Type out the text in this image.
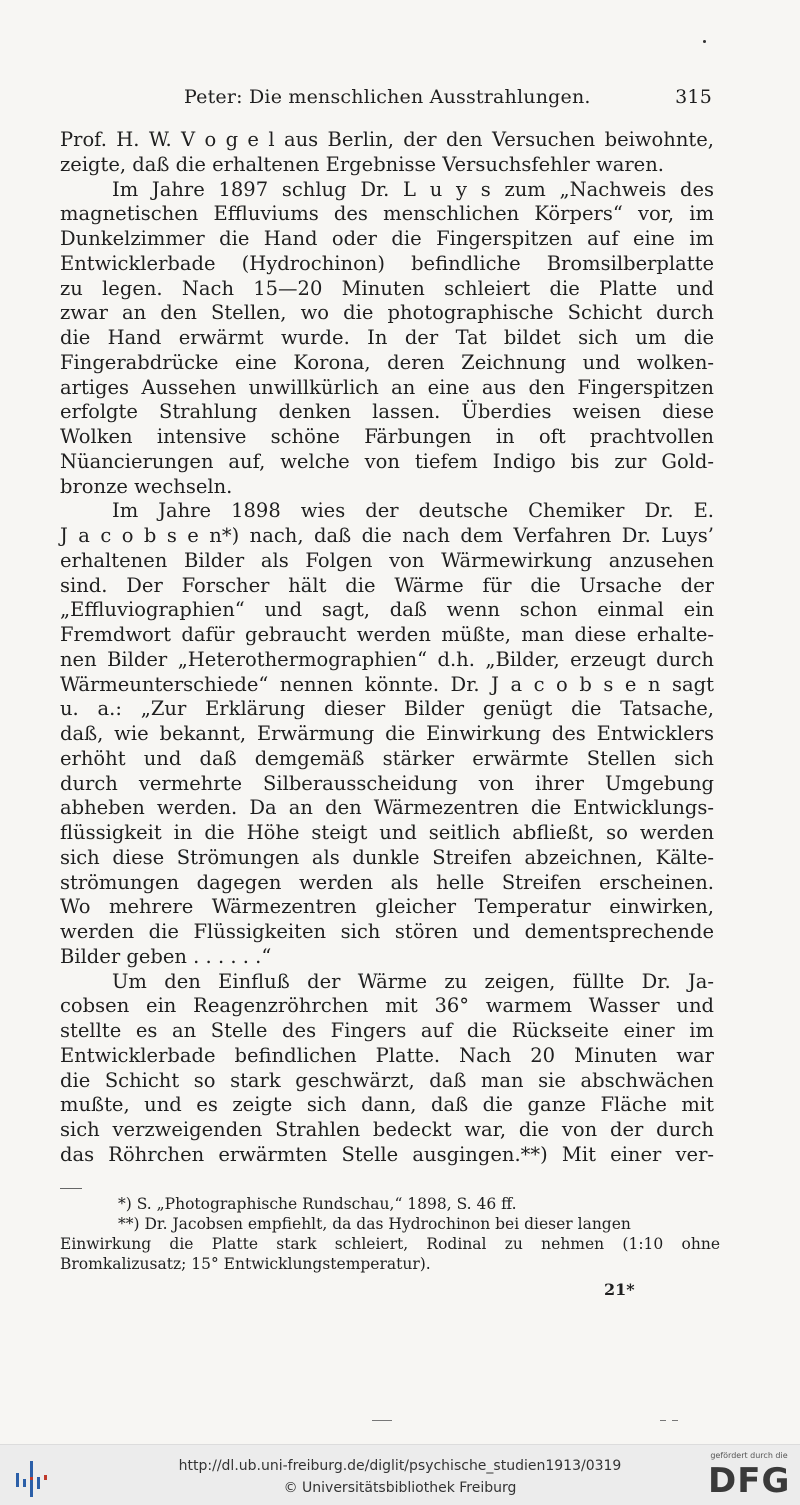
Peter: Die menschlichen Ausstrahlungen.	315
Prof. H. W. V o g e l aus Berlin, der den Versuchen beiwohnte,
zeigte, daß die erhaltenen Ergebnisse Versuchsfehler waren.
Im Jahre 1897 schlug Dr. L u y s zum „Nachweis des
magnetischen Effluviums des menschlichen Körpers“ vor, im
Dunkelzimmer die Hand oder die Fingerspitzen auf eine im
Entwicklerbade (Hydrochinon) befindliche Bromsilberplatte
zu legen. Nach 15—20 Minuten schleiert die Platte und
zwar an den Stellen, wo die photographische Schicht durch
die Hand erwärmt wurde. In der Tat bildet sich um die
Fingerabdrücke eine Korona, deren Zeichnung und wolken-
artiges Aussehen unwillkürlich an eine aus den Fingerspitzen
erfolgte Strahlung denken lassen. Überdies weisen diese
Wolken intensive schöne Färbungen in oft prachtvollen
Nüancierungen auf, welche von tiefem Indigo bis zur Gold-
bronze wechseln.
Im Jahre 1898 wies der deutsche Chemiker Dr. E.
J a c o b s e n*) nach, daß die nach dem Verfahren Dr. Luys’
erhaltenen Bilder als Folgen von Wärmewirkung anzusehen
sind. Der Forscher hält die Wärme für die Ursache der
„Effluviographien“ und sagt, daß wenn schon einmal ein
Fremdwort dafür gebraucht werden müßte, man diese erhalte-
nen Bilder „Heterothermographien“ d.h. „Bilder, erzeugt durch
Wärmeunterschiede“ nennen könnte. Dr. J a c o b s e n sagt
u. a.: „Zur Erklärung dieser Bilder genügt die Tatsache,
daß, wie bekannt, Erwärmung die Einwirkung des Entwicklers
erhöht und daß demgemäß stärker erwärmte Stellen sich
durch vermehrte Silberausscheidung von ihrer Umgebung
abheben werden. Da an den Wärmezentren die Entwicklungs-
flüssigkeit in die Höhe steigt und seitlich abfließt, so werden
sich diese Strömungen als dunkle Streifen abzeichnen, Kälte-
strömungen dagegen werden als helle Streifen erscheinen.
Wo mehrere Wärmezentren gleicher Temperatur einwirken,
werden die Flüssigkeiten sich stören und dementsprechende
Bilder geben . . . . . .“
Um den Einfluß der Wärme zu zeigen, füllte Dr. Ja-
cobsen ein Reagenzröhrchen mit 36° warmem Wasser und
stellte es an Stelle des Fingers auf die Rückseite einer im
Entwicklerbade befindlichen Platte. Nach 20 Minuten war
die Schicht so stark geschwärzt, daß man sie abschwächen
mußte, und es zeigte sich dann, daß die ganze Fläche mit
sich verzweigenden Strahlen bedeckt war, die von der durch
das Röhrchen erwärmten Stelle ausgingen.**) Mit einer ver-
*) S. „Photographische Rundschau,“ 1898, S. 46 ff.
**) Dr. Jacobsen empfiehlt, da das Hydrochinon bei dieser langen
Einwirkung die Platte stark schleiert, Rodinal zu nehmen (1:10 ohne
Bromkalizusatz; 15° Entwicklungstemperatur).
21*
http://dl.ub.uni-freiburg.de/diglit/psychische_studien1913/0319
© Universitätsbibliothek Freiburg
gefördert durch die
DFG
